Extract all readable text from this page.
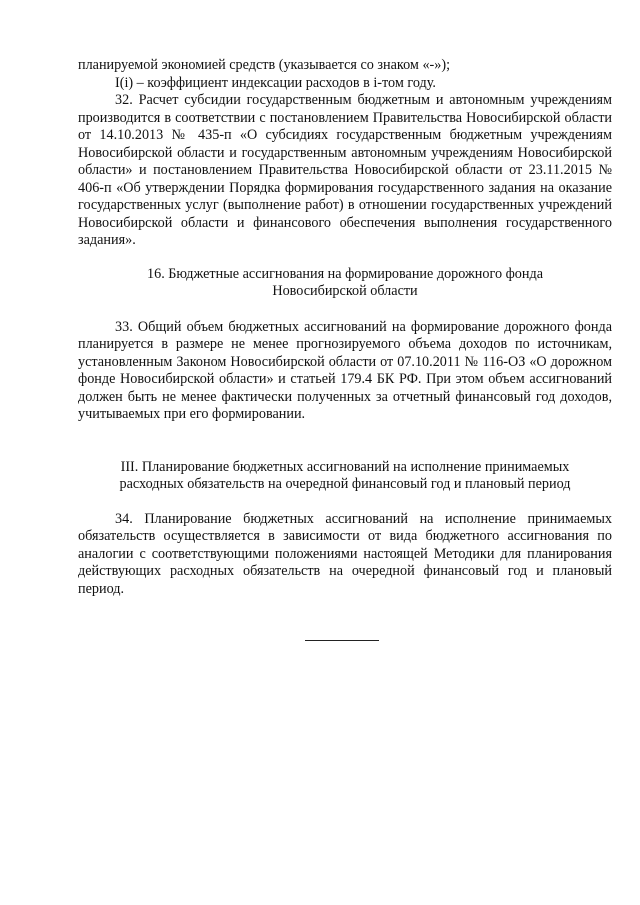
планируемой экономией средств (указывается со знаком «-»);

I(i) – коэффициент индексации расходов в i-том году.

32. Расчет субсидии государственным бюджетным и автономным учреждениям производится в соответствии с постановлением Правительства Новосибирской области от 14.10.2013 № 435-п «О субсидиях государственным бюджетным учреждениям Новосибирской области и государственным автономным учреждениям Новосибирской области» и постановлением Правительства Новосибирской области от 23.11.2015 № 406-п «Об утверждении Порядка формирования государственного задания на оказание государственных услуг (выполнение работ) в отношении государственных учреждений Новосибирской области и финансового обеспечения выполнения государственного задания».

16. Бюджетные ассигнования на формирование дорожного фонда
Новосибирской области

33. Общий объем бюджетных ассигнований на формирование дорожного фонда планируется в размере не менее прогнозируемого объема доходов по источникам, установленным Законом Новосибирской области от 07.10.2011 № 116-ОЗ «О дорожном фонде Новосибирской области» и статьей 179.4 БК РФ. При этом объем ассигнований должен быть не менее фактически полученных за отчетный финансовый год доходов, учитываемых при его формировании.

III. Планирование бюджетных ассигнований на исполнение принимаемых
расходных обязательств на очередной финансовый год и плановый период

34. Планирование бюджетных ассигнований на исполнение принимаемых обязательств осуществляется в зависимости от вида бюджетного ассигнования по аналогии с соответствующими положениями настоящей Методики для планирования действующих расходных обязательств на очередной финансовый год и плановый период.
